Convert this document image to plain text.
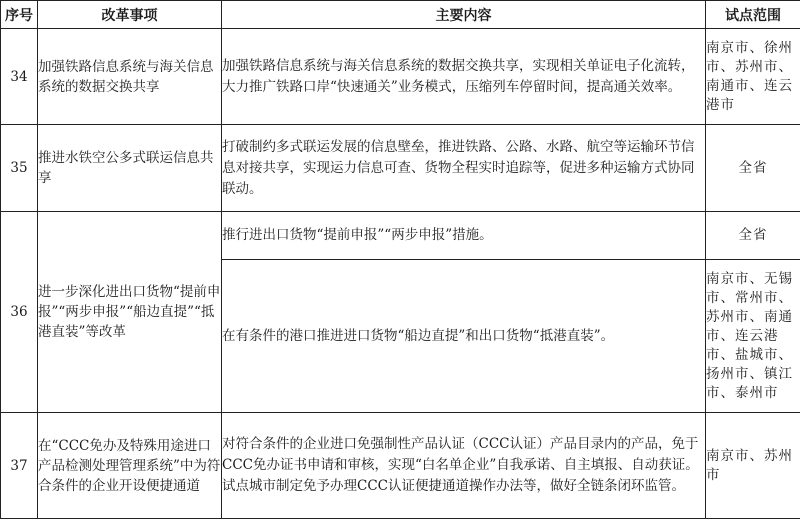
序号	改革事项	主要内容	试点范围
34	加强铁路信息系统与海关信息系统的数据交换共享	加强铁路信息系统与海关信息系统的数据交换共享，实现相关单证电子化流转，大力推广铁路口岸“快速通关”业务模式，压缩列车停留时间，提高通关效率。	南京市、徐州市、苏州市、南通市、连云港市
35	推进水铁空公多式联运信息共享	打破制约多式联运发展的信息壁垒，推进铁路、公路、水路、航空等运输环节信息对接共享，实现运力信息可查、货物全程实时追踪等，促进多种运输方式协同联动。	全省
36	进一步深化进出口货物“提前申报”“两步申报”“船边直提”“抵港直装”等改革	推行进出口货物“提前申报”“两步申报”措施。	全省
		在有条件的港口推进进口货物“船边直提”和出口货物“抵港直装”。	南京市、无锡市、常州市、苏州市、南通市、连云港市、盐城市、扬州市、镇江市、泰州市
37	在“CCC免办及特殊用途进口产品检测处理管理系统”中为符合条件的企业开设便捷通道	对符合条件的企业进口免强制性产品认证（CCC认证）产品目录内的产品，免于CCC免办证书申请和审核，实现“白名单企业”自我承诺、自主填报、自动获证。试点城市制定免予办理CCC认证便捷通道操作办法等，做好全链条闭环监管。	南京市、苏州市
